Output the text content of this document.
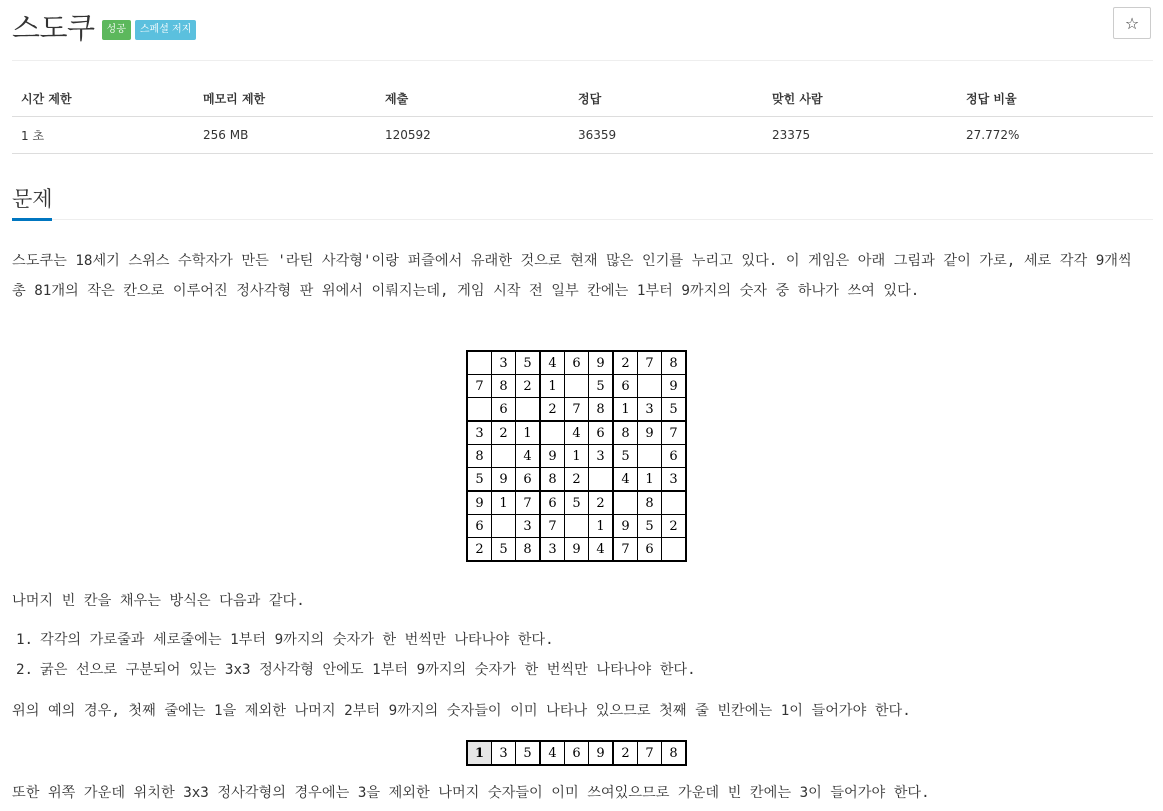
스도쿠	성공	스페셜 저지	☆
시간 제한	메모리 제한	제출	정답	맞힌 사람	정답 비율
1 초	256 MB	120592	36359	23375	27.772%
문제
스도쿠는 18세기 스위스 수학자가 만든 '라틴 사각형'이랑 퍼즐에서 유래한 것으로 현재 많은 인기를 누리고 있다. 이 게임은 아래 그림과 같이 가로, 세로 각각 9개씩 총 81개의 작은 칸으로 이루어진 정사각형 판 위에서 이뤄지는데, 게임 시작 전 일부 칸에는 1부터 9까지의 숫자 중 하나가 쓰여 있다.
	3	5	4	6	9	2	7	8
7	8	2	1		5	6		9
	6		2	7	8	1	3	5
3	2	1		4	6	8	9	7
8		4	9	1	3	5		6
5	9	6	8	2		4	1	3
9	1	7	6	5	2		8	
6		3	7		1	9	5	2
2	5	8	3	9	4	7	6	
나머지 빈 칸을 채우는 방식은 다음과 같다.
1. 각각의 가로줄과 세로줄에는 1부터 9까지의 숫자가 한 번씩만 나타나야 한다.
2. 굵은 선으로 구분되어 있는 3x3 정사각형 안에도 1부터 9까지의 숫자가 한 번씩만 나타나야 한다.
위의 예의 경우, 첫째 줄에는 1을 제외한 나머지 2부터 9까지의 숫자들이 이미 나타나 있으므로 첫째 줄 빈칸에는 1이 들어가야 한다.
1	3	5	4	6	9	2	7	8
또한 위쪽 가운데 위치한 3x3 정사각형의 경우에는 3을 제외한 나머지 숫자들이 이미 쓰여있으므로 가운데 빈 칸에는 3이 들어가야 한다.
